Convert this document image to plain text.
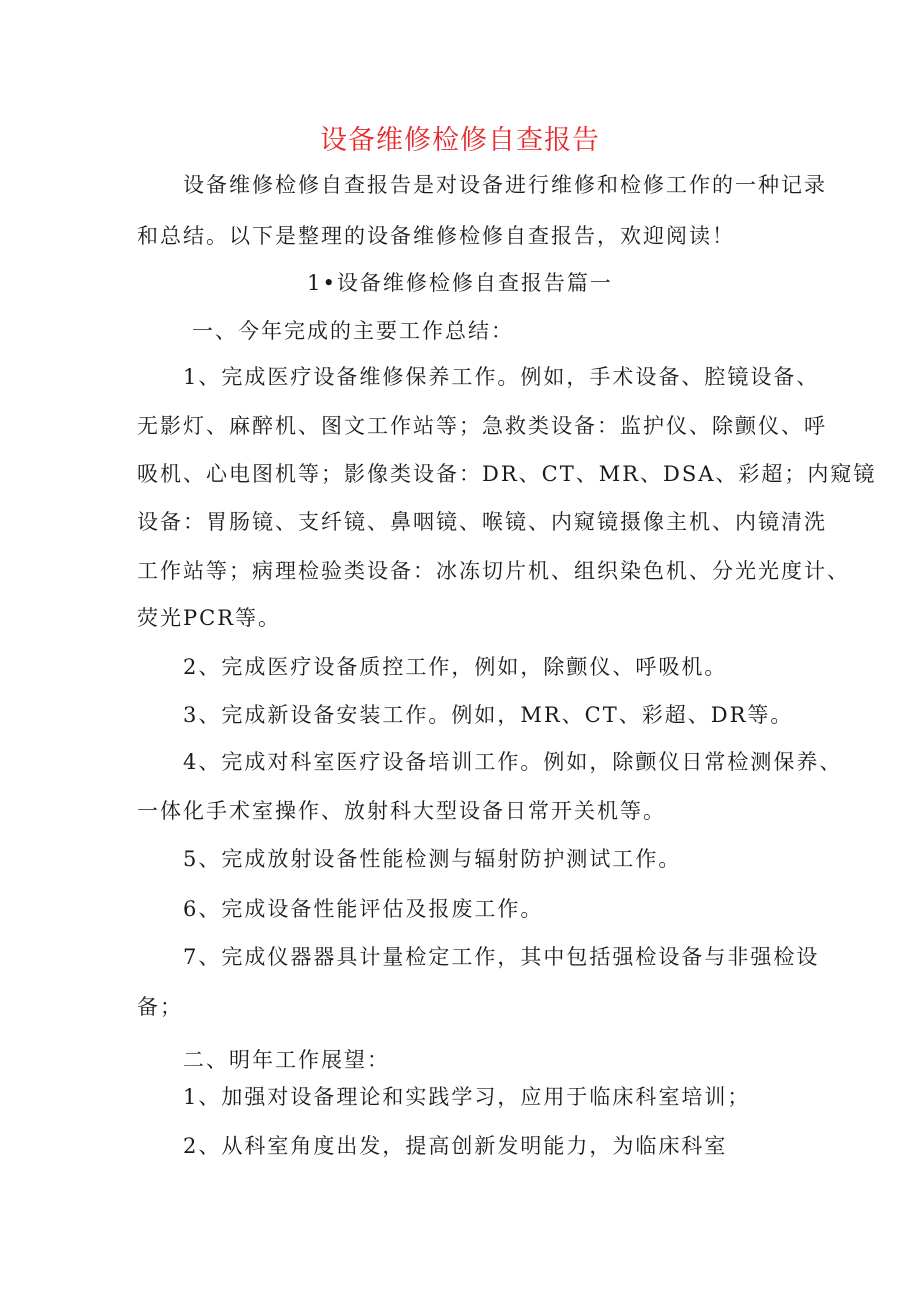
设备维修检修自查报告

设备维修检修自查报告是对设备进行维修和检修工作的一种记录

和总结。以下是整理的设备维修检修自查报告，欢迎阅读！

1•设备维修检修自查报告篇一

一、今年完成的主要工作总结：

1、完成医疗设备维修保养工作。例如，手术设备、腔镜设备、

无影灯、麻醉机、图文工作站等；急救类设备：监护仪、除颤仪、呼

吸机、心电图机等；影像类设备：DR、CT、MR、DSA、彩超；内窥镜

设备：胃肠镜、支纤镜、鼻咽镜、喉镜、内窥镜摄像主机、内镜清洗

工作站等；病理检验类设备：冰冻切片机、组织染色机、分光光度计、

荧光PCR等。

2、完成医疗设备质控工作，例如，除颤仪、呼吸机。

3、完成新设备安装工作。例如，MR、CT、彩超、DR等。

4、完成对科室医疗设备培训工作。例如，除颤仪日常检测保养、

一体化手术室操作、放射科大型设备日常开关机等。

5、完成放射设备性能检测与辐射防护测试工作。

6、完成设备性能评估及报废工作。

7、完成仪器器具计量检定工作，其中包括强检设备与非强检设

备；

二、明年工作展望：

1、加强对设备理论和实践学习，应用于临床科室培训；

2、从科室角度出发，提高创新发明能力，为临床科室
